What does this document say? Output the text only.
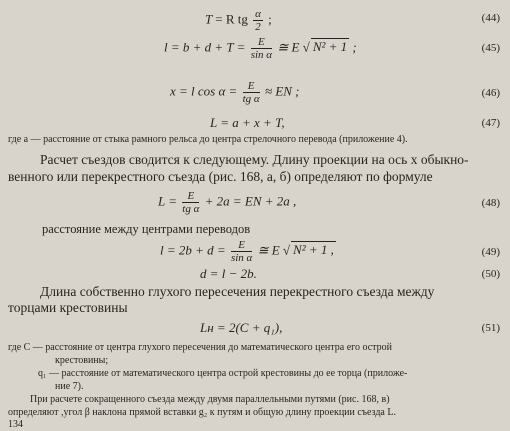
T = R tg $\frac{\alpha}{2}$ ;	(44)
$l = b + d + T = \frac{E}{\text{sin α}}$ ≅ E √ N² + 1 ;	(45)
x = l $\cos \alpha = \frac{E}{\text{tg α}}$ ≈ EN ;	(46)
L = a + x + T,	(47)
где a — расстояние от стыка рамного рельса до центра стрелочного перевода (приложение 4).
Расчет съездов сводится к следующему. Длину проекции на ось x обыкно-
венного или перекрестного съезда (рис. 168, а, б) определяют по формуле
$L = \frac{E}{\text{tg α}} + 2a$ = EN + 2a ,	(48)
расстояние между центрами переводов
$l = 2b + d = \frac{E}{\text{sin α}}$ ≅ E √ N² + 1 ,	(49)
d = l − 2b.	(50)
Длина собственно глухого пересечения перекрестного съезда между
торцами крестовины
Lн = 2(C + q₁),	(51)
где C — расстояние от центра глухого пересечения до математического центра его острой
крестовины;
q₁ — расстояние от математического центра острой крестовины до ее торца (приложе-
ние 7).
При расчете сокращенного съезда между двумя параллельными путями (рис. 168, в)
определяют ,угол β наклона прямой вставки g₂ к путям и общую длину проекции съезда L.
134
